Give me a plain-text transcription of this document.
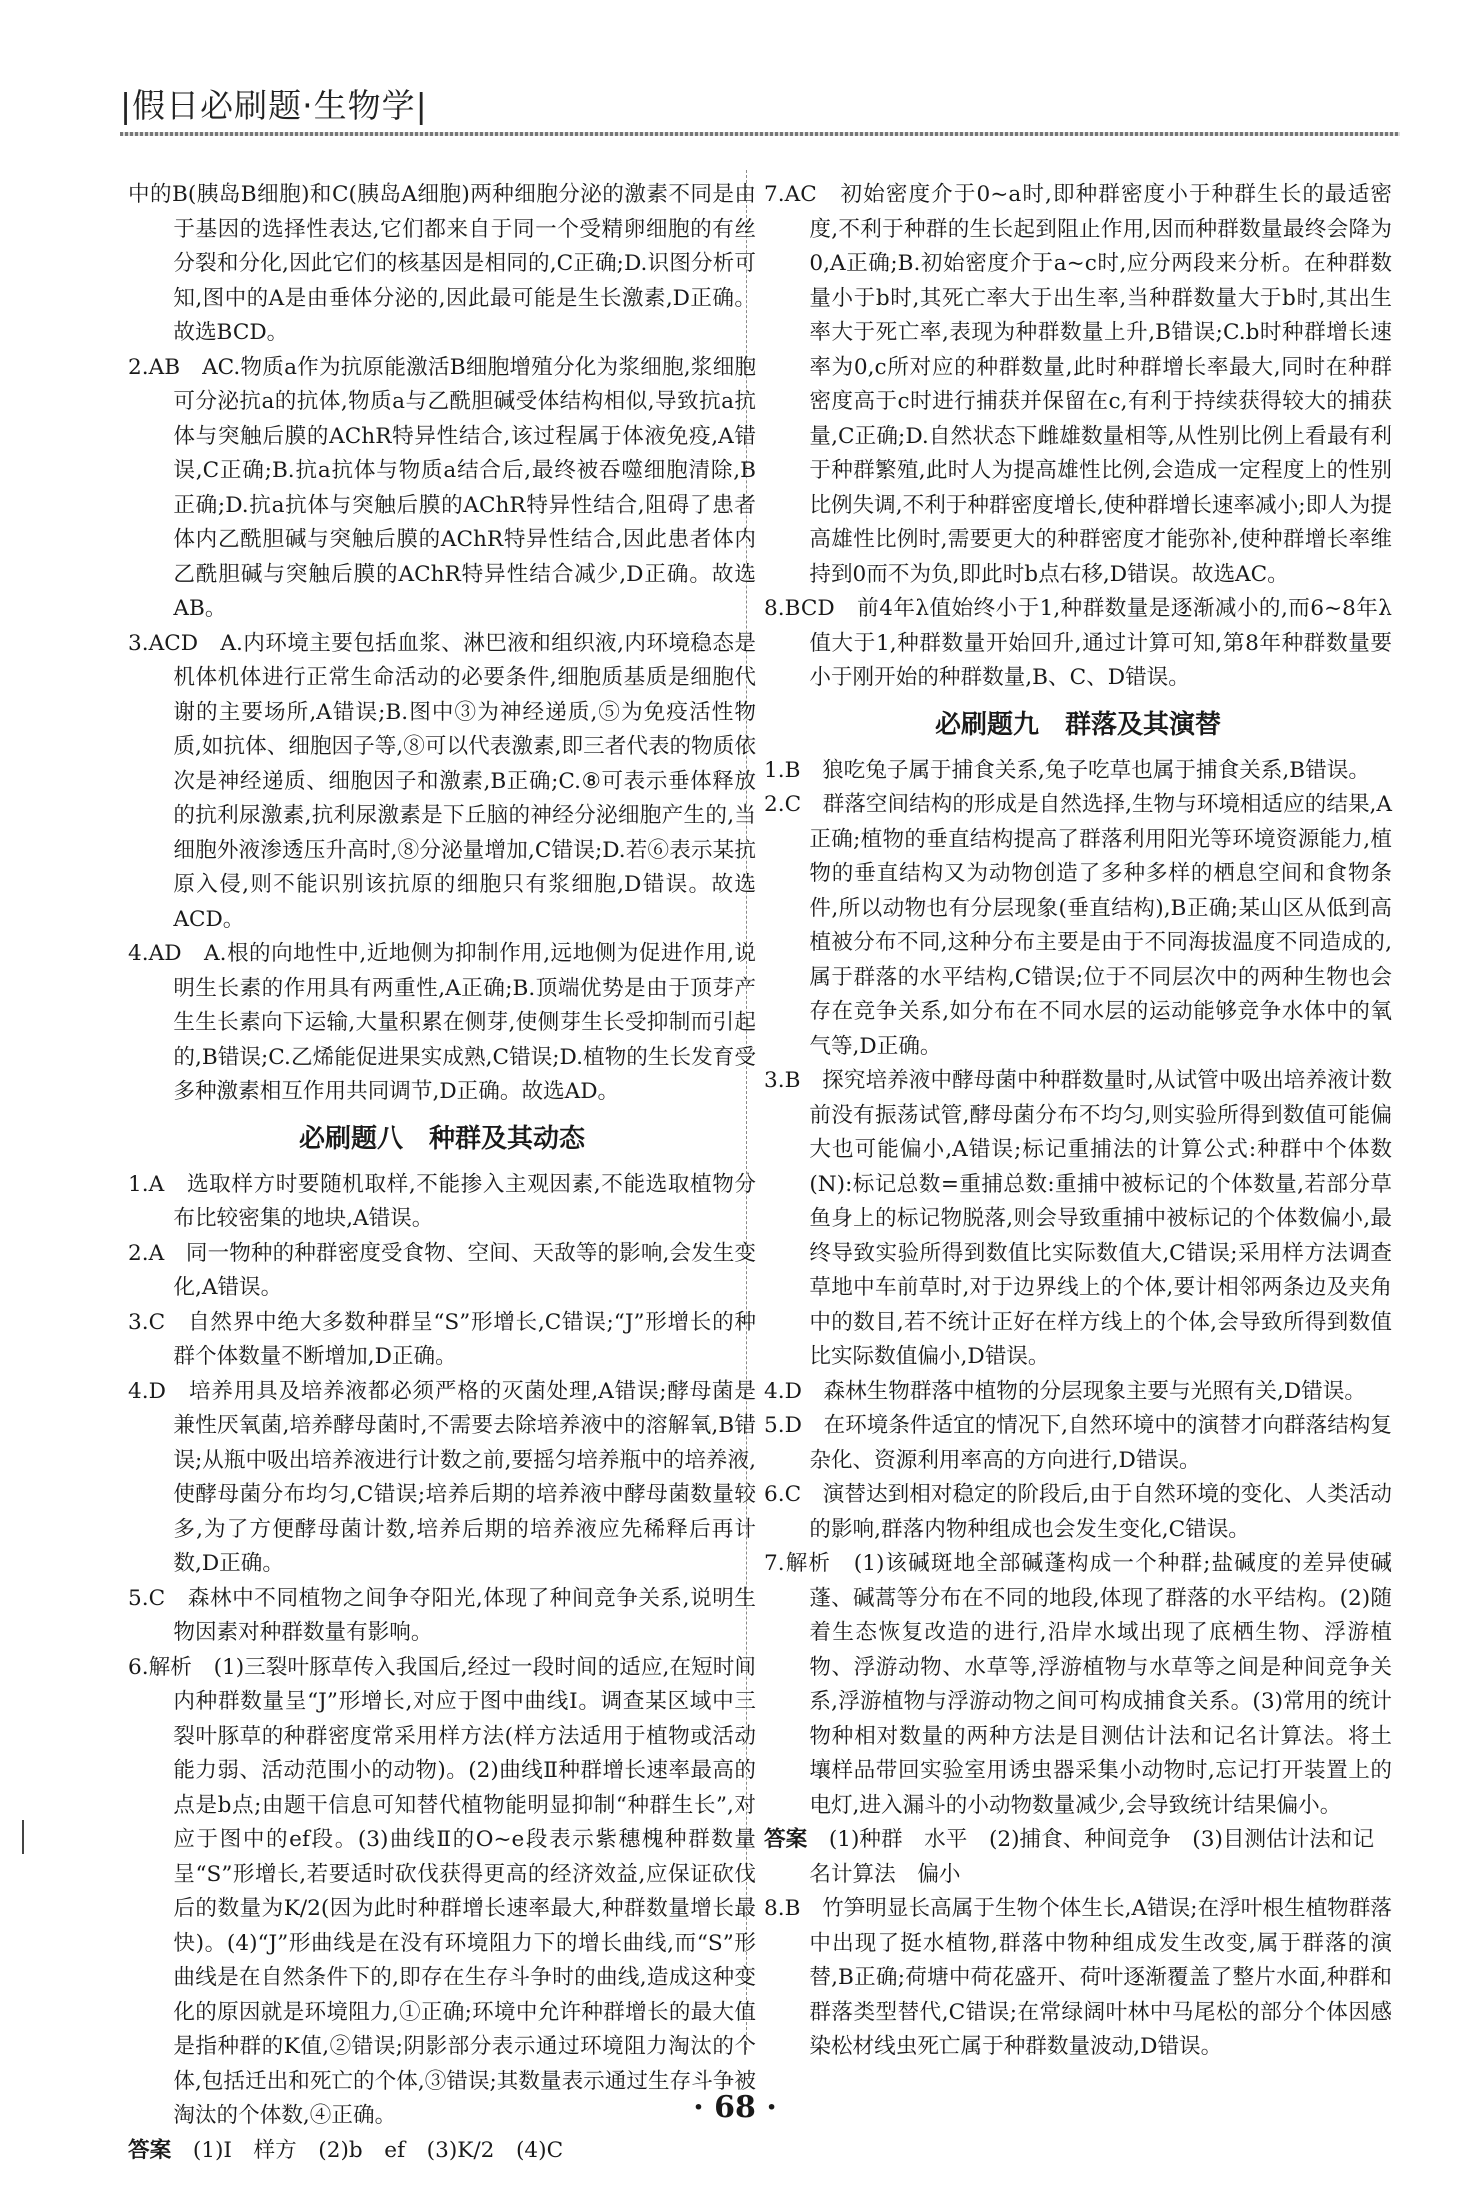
|假日必刷题·生物学|

中的B(胰岛B细胞)和C(胰岛A细胞)两种细胞分泌的激素不同是由于基因的选择性表达,它们都来自于同一个受精卵细胞的有丝分裂和分化,因此它们的核基因是相同的,C正确;D.识图分析可知,图中的A是由垂体分泌的,因此最可能是生长激素,D正确。故选BCD。

2.AB　AC.物质a作为抗原能激活B细胞增殖分化为浆细胞,浆细胞可分泌抗a的抗体,物质a与乙酰胆碱受体结构相似,导致抗a抗体与突触后膜的AChR特异性结合,该过程属于体液免疫,A错误,C正确;B.抗a抗体与物质a结合后,最终被吞噬细胞清除,B正确;D.抗a抗体与突触后膜的AChR特异性结合,阻碍了患者体内乙酰胆碱与突触后膜的AChR特异性结合,因此患者体内乙酰胆碱与突触后膜的AChR特异性结合减少,D正确。故选AB。

3.ACD　A.内环境主要包括血浆、淋巴液和组织液,内环境稳态是机体机体进行正常生命活动的必要条件,细胞质基质是细胞代谢的主要场所,A错误;B.图中③为神经递质,⑤为免疫活性物质,如抗体、细胞因子等,⑧可以代表激素,即三者代表的物质依次是神经递质、细胞因子和激素,B正确;C.⑧可表示垂体释放的抗利尿激素,抗利尿激素是下丘脑的神经分泌细胞产生的,当细胞外液渗透压升高时,⑧分泌量增加,C错误;D.若⑥表示某抗原入侵,则不能识别该抗原的细胞只有浆细胞,D错误。故选ACD。

4.AD　A.根的向地性中,近地侧为抑制作用,远地侧为促进作用,说明生长素的作用具有两重性,A正确;B.顶端优势是由于顶芽产生生长素向下运输,大量积累在侧芽,使侧芽生长受抑制而引起的,B错误;C.乙烯能促进果实成熟,C错误;D.植物的生长发育受多种激素相互作用共同调节,D正确。故选AD。

必刷题八　种群及其动态

1.A　选取样方时要随机取样,不能掺入主观因素,不能选取植物分布比较密集的地块,A错误。

2.A　同一物种的种群密度受食物、空间、天敌等的影响,会发生变化,A错误。

3.C　自然界中绝大多数种群呈“S”形增长,C错误;“J”形增长的种群个体数量不断增加,D正确。

4.D　培养用具及培养液都必须严格的灭菌处理,A错误;酵母菌是兼性厌氧菌,培养酵母菌时,不需要去除培养液中的溶解氧,B错误;从瓶中吸出培养液进行计数之前,要摇匀培养瓶中的培养液,使酵母菌分布均匀,C错误;培养后期的培养液中酵母菌数量较多,为了方便酵母菌计数,培养后期的培养液应先稀释后再计数,D正确。

5.C　森林中不同植物之间争夺阳光,体现了种间竞争关系,说明生物因素对种群数量有影响。

6.解析　(1)三裂叶豚草传入我国后,经过一段时间的适应,在短时间内种群数量呈“J”形增长,对应于图中曲线Ⅰ。调查某区域中三裂叶豚草的种群密度常采用样方法(样方法适用于植物或活动能力弱、活动范围小的动物)。(2)曲线Ⅱ种群增长速率最高的点是b点;由题干信息可知替代植物能明显抑制“种群生长”,对应于图中的ef段。(3)曲线Ⅱ的O~e段表示紫穗槐种群数量呈“S”形增长,若要适时砍伐获得更高的经济效益,应保证砍伐后的数量为K/2(因为此时种群增长速率最大,种群数量增长最快)。(4)“J”形曲线是在没有环境阻力下的增长曲线,而“S”形曲线是在自然条件下的,即存在生存斗争时的曲线,造成这种变化的原因就是环境阻力,①正确;环境中允许种群增长的最大值是指种群的K值,②错误;阴影部分表示通过环境阻力淘汰的个体,包括迁出和死亡的个体,③错误;其数量表示通过生存斗争被淘汰的个体数,④正确。

答案　 (1)Ⅰ　样方　(2)b　ef　(3)K/2　(4)C

7.AC　初始密度介于0~a时,即种群密度小于种群生长的最适密度,不利于种群的生长起到阻止作用,因而种群数量最终会降为0,A正确;B.初始密度介于a~c时,应分两段来分析。在种群数量小于b时,其死亡率大于出生率,当种群数量大于b时,其出生率大于死亡率,表现为种群数量上升,B错误;C.b时种群增长速率为0,c所对应的种群数量,此时种群增长率最大,同时在种群密度高于c时进行捕获并保留在c,有利于持续获得较大的捕获量,C正确;D.自然状态下雌雄数量相等,从性别比例上看最有利于种群繁殖,此时人为提高雄性比例,会造成一定程度上的性别比例失调,不利于种群密度增长,使种群增长速率减小;即人为提高雄性比例时,需要更大的种群密度才能弥补,使种群增长率维持到0而不为负,即此时b点右移,D错误。故选AC。

8.BCD　前4年λ值始终小于1,种群数量是逐渐减小的,而6~8年λ值大于1,种群数量开始回升,通过计算可知,第8年种群数量要小于刚开始的种群数量,B、C、D错误。

必刷题九　群落及其演替

1.B　狼吃兔子属于捕食关系,兔子吃草也属于捕食关系,B错误。

2.C　群落空间结构的形成是自然选择,生物与环境相适应的结果,A正确;植物的垂直结构提高了群落利用阳光等环境资源能力,植物的垂直结构又为动物创造了多种多样的栖息空间和食物条件,所以动物也有分层现象(垂直结构),B正确;某山区从低到高植被分布不同,这种分布主要是由于不同海拔温度不同造成的,属于群落的水平结构,C错误;位于不同层次中的两种生物也会存在竞争关系,如分布在不同水层的运动能够竞争水体中的氧气等,D正确。

3.B　探究培养液中酵母菌中种群数量时,从试管中吸出培养液计数前没有振荡试管,酵母菌分布不均匀,则实验所得到数值可能偏大也可能偏小,A错误;标记重捕法的计算公式:种群中个体数(N):标记总数=重捕总数:重捕中被标记的个体数量,若部分草鱼身上的标记物脱落,则会导致重捕中被标记的个体数偏小,最终导致实验所得到数值比实际数值大,C错误;采用样方法调查草地中车前草时,对于边界线上的个体,要计相邻两条边及夹角中的数目,若不统计正好在样方线上的个体,会导致所得到数值比实际数值偏小,D错误。

4.D　森林生物群落中植物的分层现象主要与光照有关,D错误。

5.D　在环境条件适宜的情况下,自然环境中的演替才向群落结构复杂化、资源利用率高的方向进行,D错误。

6.C　演替达到相对稳定的阶段后,由于自然环境的变化、人类活动的影响,群落内物种组成也会发生变化,C错误。

7.解析　(1)该碱斑地全部碱蓬构成一个种群;盐碱度的差异使碱蓬、碱蒿等分布在不同的地段,体现了群落的水平结构。(2)随着生态恢复改造的进行,沿岸水域出现了底栖生物、浮游植物、浮游动物、水草等,浮游植物与水草等之间是种间竞争关系,浮游植物与浮游动物之间可构成捕食关系。(3)常用的统计物种相对数量的两种方法是目测估计法和记名计算法。将土壤样品带回实验室用诱虫器采集小动物时,忘记打开装置上的电灯,进入漏斗的小动物数量减少,会导致统计结果偏小。

答案　 (1)种群　水平　(2)捕食、种间竞争　(3)目测估计法和记名计算法　偏小

8.B　竹笋明显长高属于生物个体生长,A错误;在浮叶根生植物群落中出现了挺水植物,群落中物种组成发生改变,属于群落的演替,B正确;荷塘中荷花盛开、荷叶逐渐覆盖了整片水面,种群和群落类型替代,C错误;在常绿阔叶林中马尾松的部分个体因感染松材线虫死亡属于种群数量波动,D错误。

· 68 ·
